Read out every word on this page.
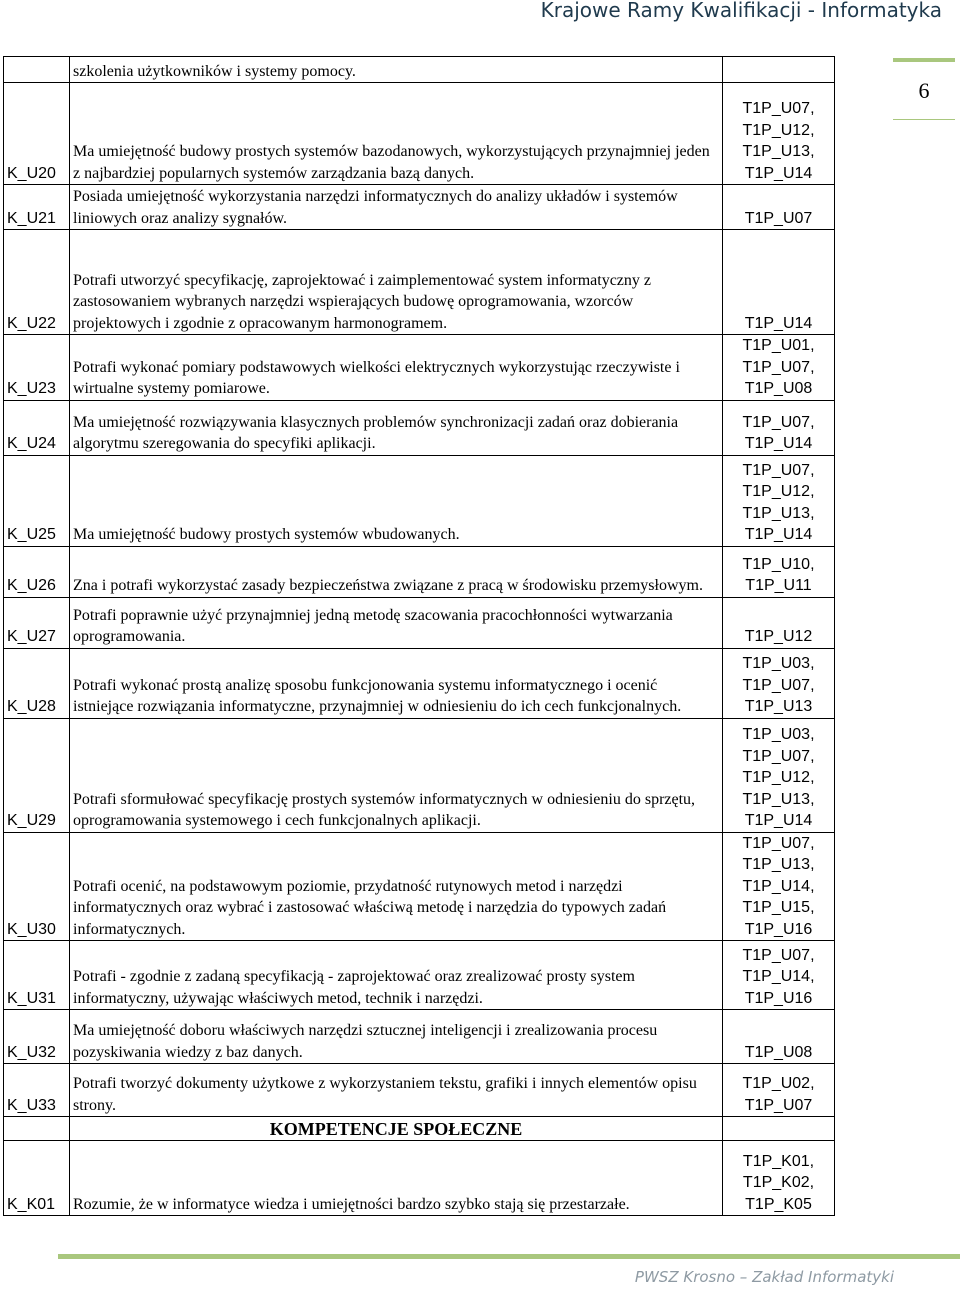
Krajowe Ramy Kwalifikacji - Informatyka
6
	szkolenia użytkowników i systemy pomocy.	
K_U20	Ma umiejętność budowy prostych systemów bazodanowych, wykorzystujących przynajmniej jeden z najbardziej popularnych systemów zarządzania bazą danych.	T1P_U07,
T1P_U12,
T1P_U13,
T1P_U14

K_U21	Posiada umiejętność wykorzystania narzędzi informatycznych do analizy układów i systemów liniowych oraz analizy sygnałów.	T1P_U07

K_U22	Potrafi utworzyć specyfikację, zaprojektować i zaimplementować system informatyczny z zastosowaniem wybranych narzędzi wspierających budowę oprogramowania, wzorców projektowych i zgodnie z opracowanym harmonogramem.	T1P_U14

K_U23	Potrafi wykonać pomiary podstawowych wielkości elektrycznych wykorzystując rzeczywiste i wirtualne systemy pomiarowe.	T1P_U01,
T1P_U07,
T1P_U08

K_U24	Ma umiejętność rozwiązywania klasycznych problemów synchronizacji zadań oraz dobierania algorytmu szeregowania do specyfiki aplikacji.	T1P_U07,
T1P_U14

K_U25	Ma umiejętność budowy prostych systemów wbudowanych.	T1P_U07,
T1P_U12,
T1P_U13,
T1P_U14

K_U26	Zna i potrafi wykorzystać zasady bezpieczeństwa związane z pracą w środowisku przemysłowym.	T1P_U10,
T1P_U11

K_U27	Potrafi poprawnie użyć przynajmniej jedną metodę szacowania pracochłonności wytwarzania oprogramowania.	T1P_U12

K_U28	Potrafi wykonać prostą analizę sposobu funkcjonowania systemu informatycznego i ocenić istniejące rozwiązania informatyczne, przynajmniej w odniesieniu do ich cech funkcjonalnych.	T1P_U03,
T1P_U07,
T1P_U13

K_U29	Potrafi sformułować specyfikację prostych systemów informatycznych w odniesieniu do sprzętu, oprogramowania systemowego i cech funkcjonalnych aplikacji.	T1P_U03,
T1P_U07,
T1P_U12,
T1P_U13,
T1P_U14

K_U30	Potrafi ocenić, na podstawowym poziomie, przydatność rutynowych metod i narzędzi informatycznych oraz wybrać i zastosować właściwą metodę i narzędzia do typowych zadań informatycznych.	T1P_U07,
T1P_U13,
T1P_U14,
T1P_U15,
T1P_U16

K_U31	Potrafi - zgodnie z zadaną specyfikacją - zaprojektować oraz zrealizować prosty system informatyczny, używając właściwych metod, technik i narzędzi.	T1P_U07,
T1P_U14,
T1P_U16

K_U32	Ma umiejętność doboru właściwych narzędzi sztucznej inteligencji i zrealizowania procesu pozyskiwania wiedzy z baz danych.	T1P_U08

K_U33	Potrafi tworzyć dokumenty użytkowe z wykorzystaniem tekstu, grafiki i innych elementów opisu strony.	T1P_U02,
T1P_U07

	KOMPETENCJE SPOŁECZNE	
K_K01	Rozumie, że w informatyce wiedza i umiejętności bardzo szybko stają się przestarzałe.	T1P_K01,
T1P_K02,
T1P_K05
PWSZ Krosno – Zakład Informatyki
